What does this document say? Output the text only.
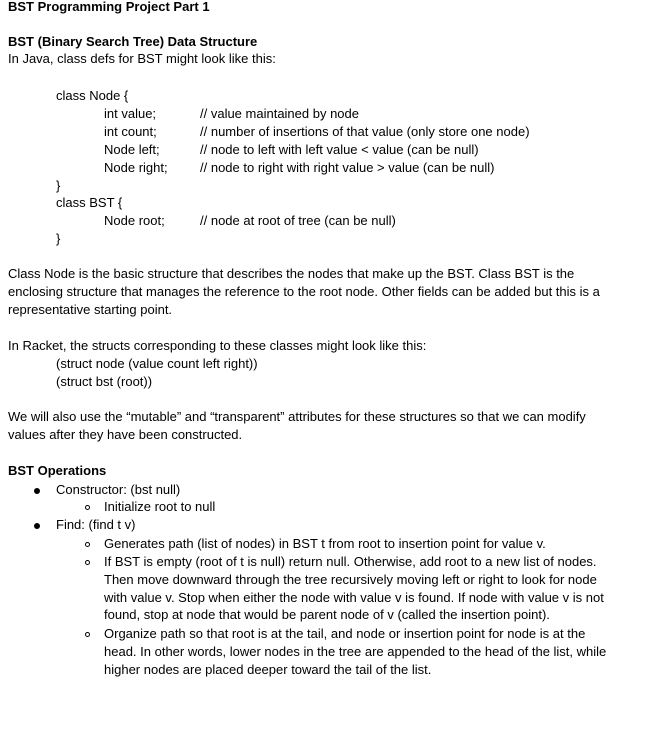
BST Programming Project Part 1
BST (Binary Search Tree) Data Structure
In Java, class defs for BST might look like this:
class Node {
int value;	// value maintained by node
int count;	// number of insertions of that value (only store one node)
Node left;	// node to left with left value < value (can be null)
Node right; // node to right with right value > value (can be null)
}
class BST {
Node root;	// node at root of tree (can be null)
}
Class Node is the basic structure that describes the nodes that make up the BST. Class BST is the
enclosing structure that manages the reference to the root node. Other fields can be added but this is a
representative starting point.
In Racket, the structs corresponding to these classes might look like this:
(struct node (value count left right))
(struct bst (root))
We will also use the “mutable” and “transparent” attributes for these structures so that we can modify
values after they have been constructed.
BST Operations
Constructor: (bst null)
Initialize root to null
Find: (find t v)
Generates path (list of nodes) in BST t from root to insertion point for value v.
If BST is empty (root of t is null) return null. Otherwise, add root to a new list of nodes.
Then move downward through the tree recursively moving left or right to look for node
with value v. Stop when either the node with value v is found. If node with value v is not
found, stop at node that would be parent node of v (called the insertion point).
Organize path so that root is at the tail, and node or insertion point for node is at the
head. In other words, lower nodes in the tree are appended to the head of the list, while
higher nodes are placed deeper toward the tail of the list.
